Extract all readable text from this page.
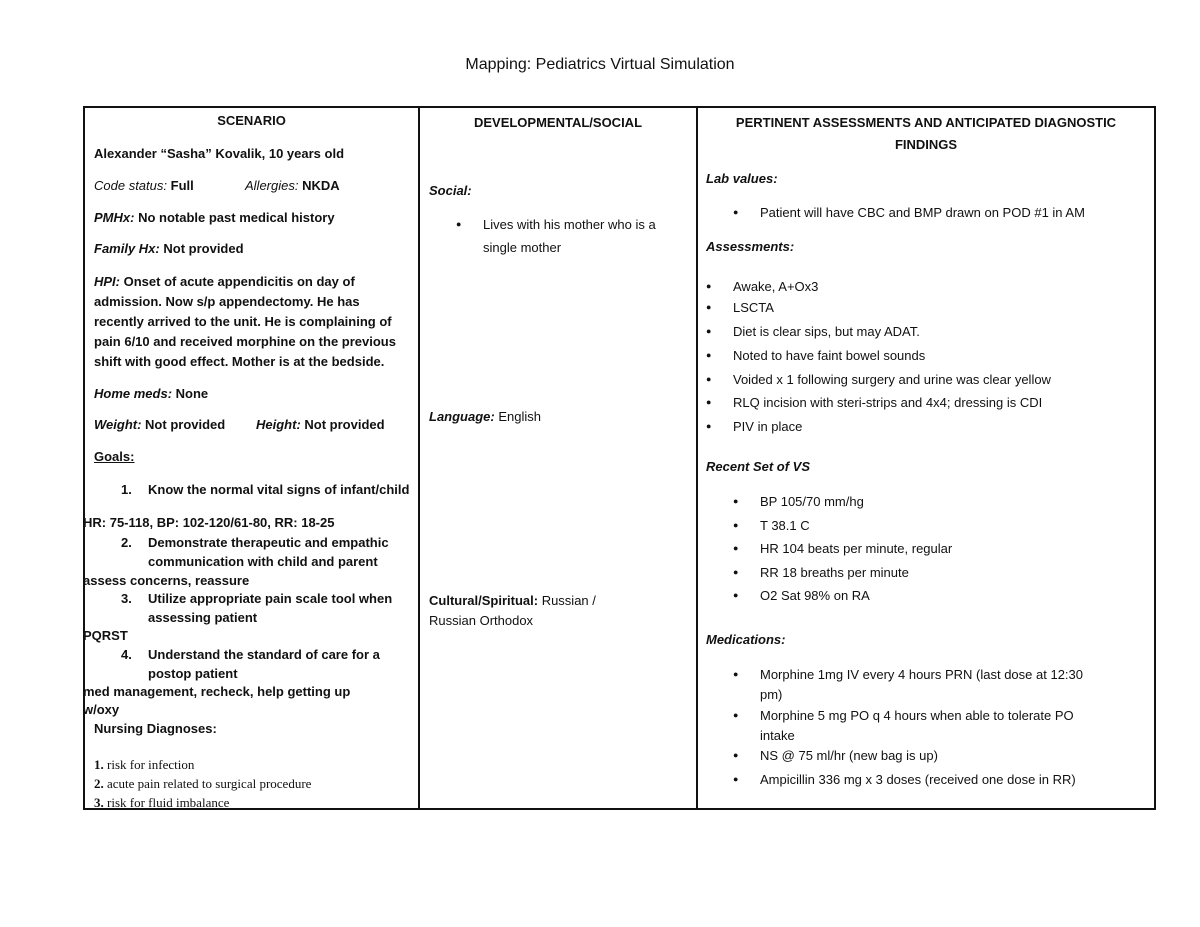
Mapping: Pediatrics Virtual Simulation
SCENARIO
Alexander “Sasha” Kovalik, 10 years old
Code status: Full	Allergies: NKDA
PMHx: No notable past medical history
Family Hx: Not provided
HPI: Onset of acute appendicitis on day of
admission. Now s/p appendectomy. He has
recently arrived to the unit. He is complaining of
pain 6/10 and received morphine on the previous
shift with good effect. Mother is at the bedside.
Home meds: None
Weight: Not provided Height: Not provided
Goals:
1. Know the normal vital signs of infant/child
HR: 75-118, BP: 102-120/61-80, RR: 18-25
2. Demonstrate therapeutic and empathic
communication with child and parent
assess concerns, reassure
3. Utilize appropriate pain scale tool when
assessing patient
PQRST
4. Understand the standard of care for a
postop patient
med management, recheck, help getting up
w/oxy
Nursing Diagnoses:
1. risk for infection
2. acute pain related to surgical procedure
3. risk for fluid imbalance

DEVELOPMENTAL/SOCIAL
Social:
● Lives with his mother who is a
single mother
Language: English
Cultural/Spiritual: Russian /
Russian Orthodox

PERTINENT ASSESSMENTS AND ANTICIPATED DIAGNOSTIC
FINDINGS
Lab values:
● Patient will have CBC and BMP drawn on POD #1 in AM
Assessments:
● Awake, A+Ox3
● LSCTA
● Diet is clear sips, but may ADAT.
● Noted to have faint bowel sounds
● Voided x 1 following surgery and urine was clear yellow
● RLQ incision with steri-strips and 4x4; dressing is CDI
● PIV in place
Recent Set of VS
● BP 105/70 mm/hg
● T 38.1 C
● HR 104 beats per minute, regular
● RR 18 breaths per minute
● O2 Sat 98% on RA
Medications:
● Morphine 1mg IV every 4 hours PRN (last dose at 12:30
pm)
● Morphine 5 mg PO q 4 hours when able to tolerate PO
intake
● NS @ 75 ml/hr (new bag is up)
● Ampicillin 336 mg x 3 doses (received one dose in RR)
